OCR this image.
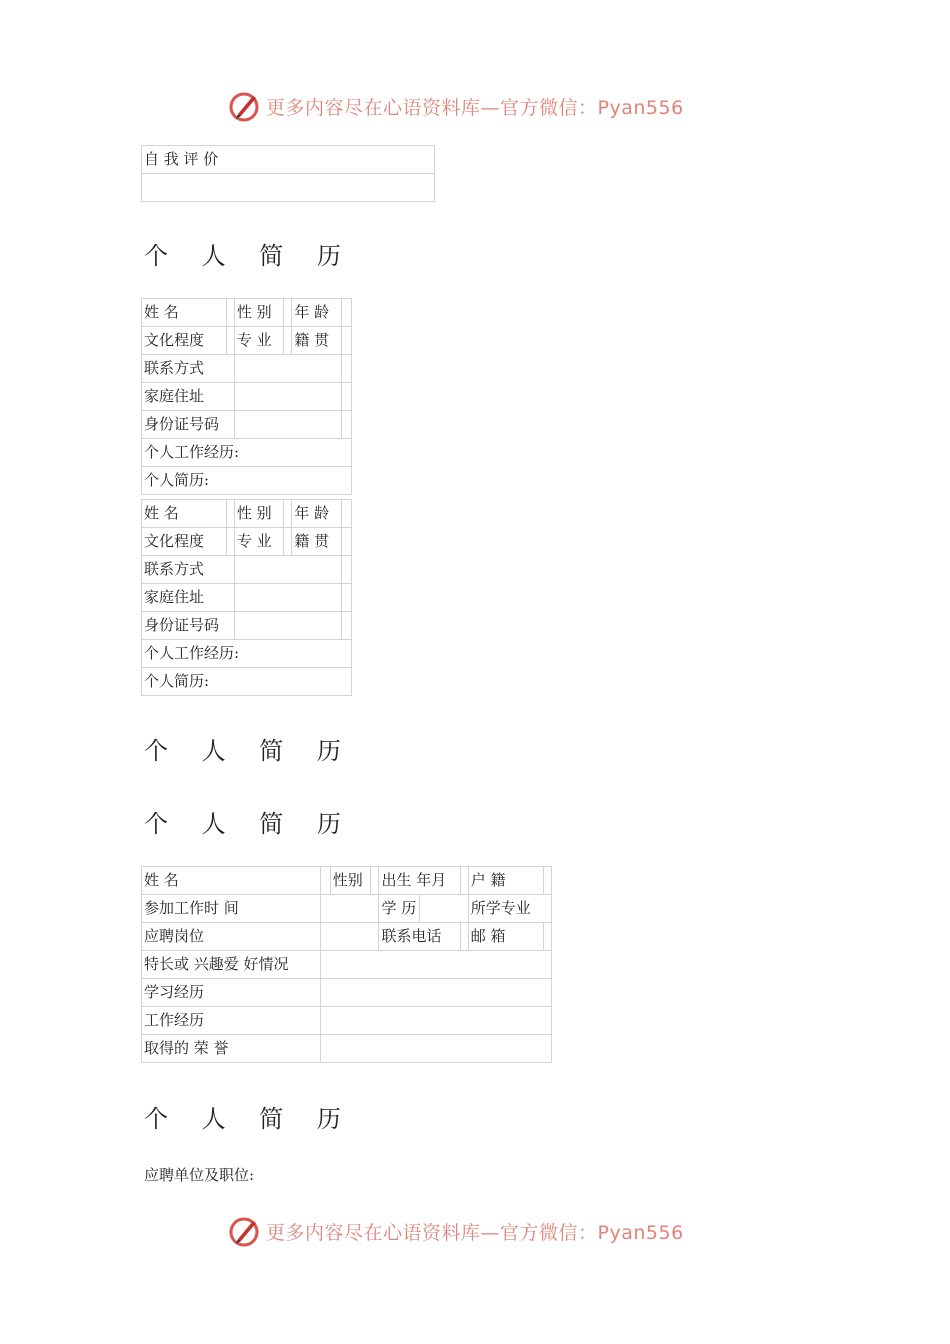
更多内容尽在心语资料库—官方微信：Pyan556
自 我 评 价

个 人 简 历
姓 名		性 别		年 龄	
文化程度		专 业		籍 贯	
联系方式					
家庭住址					
身份证号码					
个人工作经历:					
个人简历:					
姓 名		性 别		年 龄	
文化程度		专 业		籍 贯	
联系方式					
家庭住址					
身份证号码					
个人工作经历:					
个人简历:					
个 人 简 历
个 人 简 历
姓 名		性别		出生 年月			户 籍	
参加工作时 间				学 历			所学专业	
应聘岗位				联系电话			邮 箱	
特长或 兴趣爱 好情况								
学习经历								
工作经历								
取得的 荣 誉								
个 人 简 历
应聘单位及职位:
更多内容尽在心语资料库—官方微信：Pyan556
